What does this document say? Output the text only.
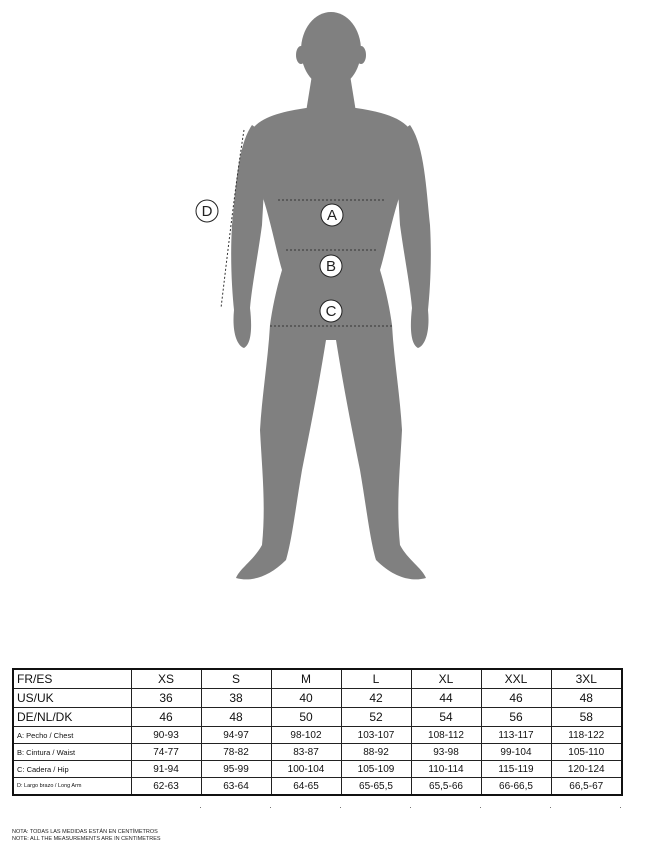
A
B
C
D
FR/ES	XS	S	M	L	XL	XXL	3XL
US/UK	36	38	40	42	44	46	48
DE/NL/DK	46	48	50	52	54	56	58
A: Pecho / Chest	90-93	94-97	98-102	103-107	108-112	113-117	118-122
B: Cintura / Waist	74-77	78-82	83-87	88-92	93-98	99-104	105-110
C: Cadera / Hip	91-94	95-99	100-104	105-109	110-114	115-119	120-124
D: Largo brazo / Long Arm	62-63	63-64	64-65	65-65,5	65,5-66	66-66,5	66,5-67
NOTA: TODAS LAS MEDIDAS ESTÁN EN CENTÍMETROS
NOTE: ALL THE MEASUREMENTS ARE IN CENTIMETRES
